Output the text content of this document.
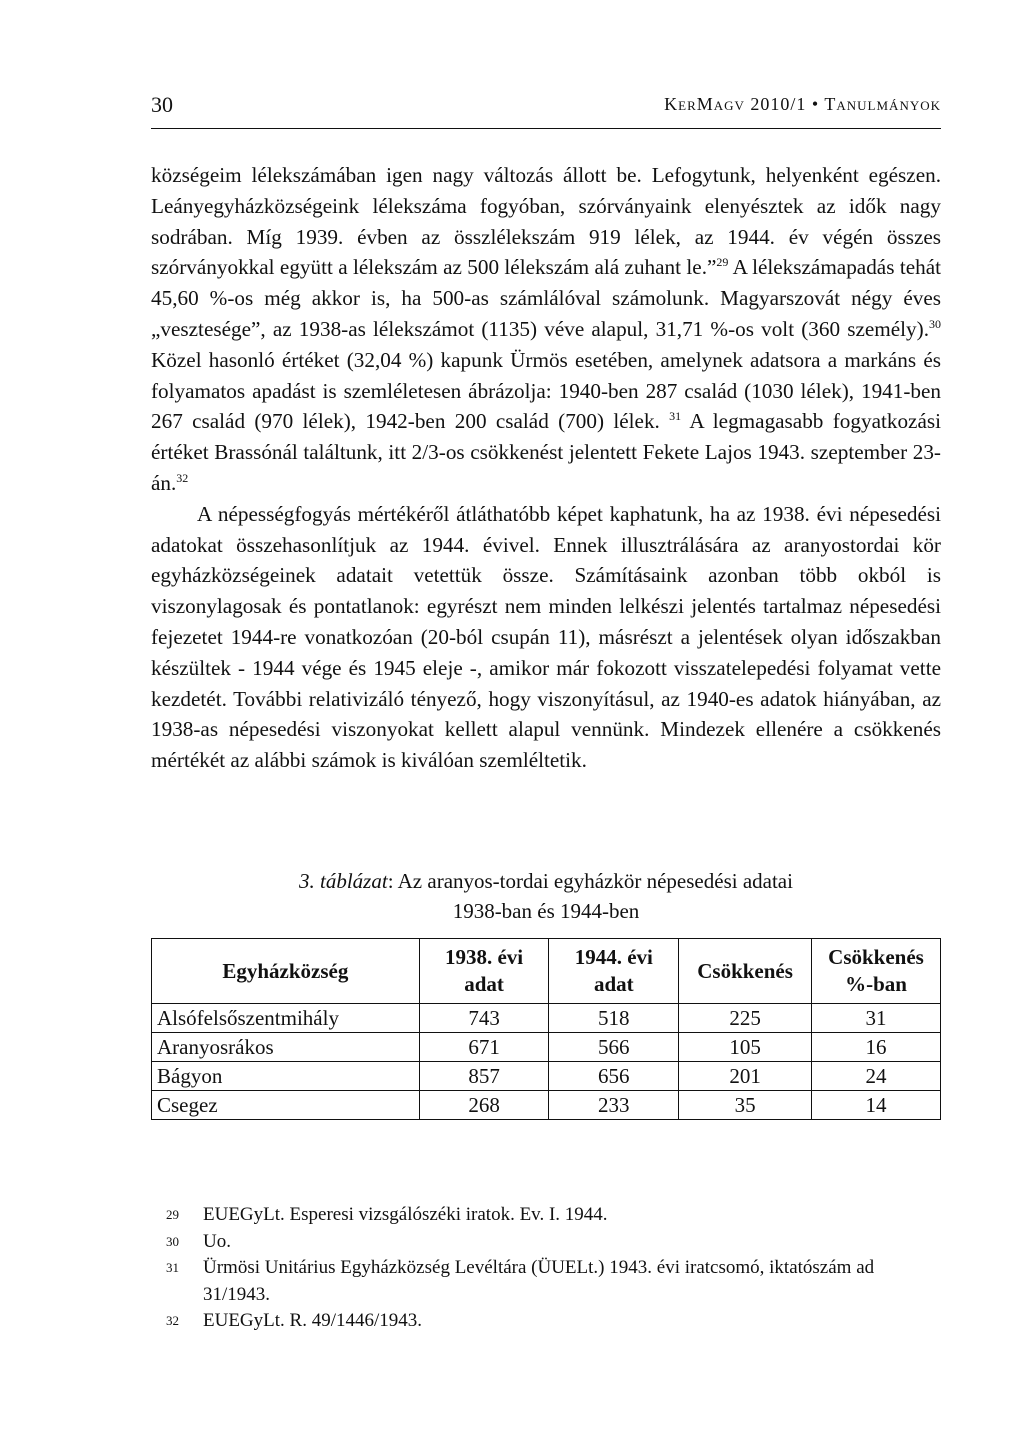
30	KerMagv 2010/1 • Tanulmányok

községeim lélekszámában igen nagy változás állott be. Lefogytunk, helyenként egészen. Leányegyházközségeink lélekszáma fogyóban, szórványaink elenyésztek az idők nagy sodrában. Míg 1939. évben az összlélekszám 919 lélek, az 1944. év végén összes szórványokkal együtt a lélekszám az 500 lélekszám alá zuhant le.”$^{29}$ A lélekszámapadás tehát 45,60 %-os még akkor is, ha 500-as számlálóval számolunk. Magyarszovát négy éves „vesztesége”, az 1938-as lélekszámot (1135) véve alapul, 31,71 %-os volt (360 személy).$^{30}$ Közel hasonló értéket (32,04 %) kapunk Ürmös esetében, amelynek adatsora a markáns és folyamatos apadást is szemléletesen ábrázolja: 1940-ben 287 család (1030 lélek), 1941-ben 267 család (970 lélek), 1942-ben 200 család (700) lélek. $^{31}$ A legmagasabb fogyatkozási értéket Brassónál találtunk, itt 2/3-os csökkenést jelentett Fekete Lajos 1943. szeptember 23-án.$^{32}$

A népességfogyás mértékéről átláthatóbb képet kaphatunk, ha az 1938. évi népesedési adatokat összehasonlítjuk az 1944. évivel. Ennek illusztrálására az aranyostordai kör egyházközségeinek adatait vetettük össze. Számításaink azonban több okból is viszonylagosak és pontatlanok: egyrészt nem minden lelkészi jelentés tartalmaz népesedési fejezetet 1944-re vonatkozóan (20-ból csupán 11), másrészt a jelentések olyan időszakban készültek - 1944 vége és 1945 eleje -, amikor már fokozott visszatelepedési folyamat vette kezdetét. További relativizáló tényező, hogy viszonyításul, az 1940-es adatok hiányában, az 1938-as népesedési viszonyokat kellett alapul vennünk. Mindezek ellenére a csökkenés mértékét az alábbi számok is kiválóan szemléltetik.

3. táblázat: Az aranyos-tordai egyházkör népesedési adatai
1938-ban és 1944-ben
Egyházközség	1938. évi adat	1944. évi adat	Csökkenés	Csökkenés %-ban
Alsófelsőszentmihály	743	518	225	31
Aranyosrákos	671	566	105	16
Bágyon	857	656	201	24
Csegez	268	233	35	14
29 EUEGyLt. Esperesi vizsgálószéki iratok. Ev. I. 1944.
30 Uo.
31 Ürmösi Unitárius Egyházközség Levéltára (ÜUELt.) 1943. évi iratcsomó, iktatószám ad 31/1943.
32 EUEGyLt. R. 49/1446/1943.
